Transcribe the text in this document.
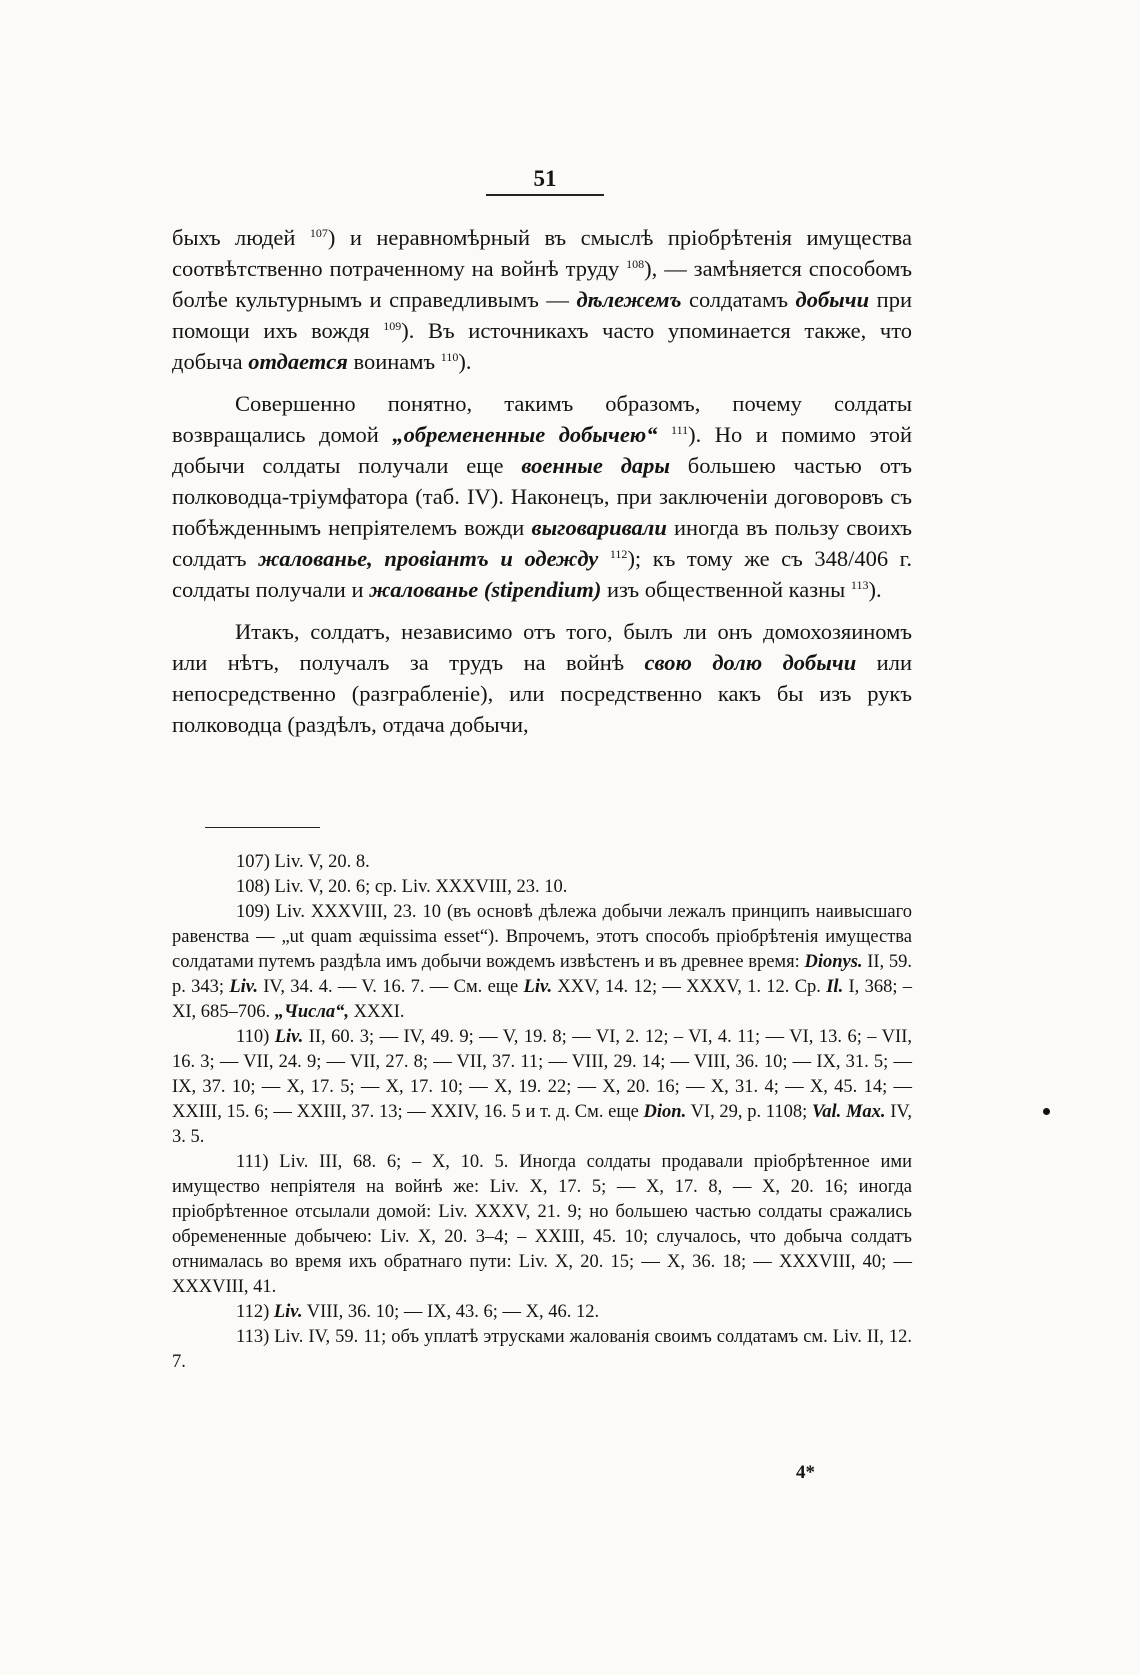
51

быхъ людей $^{107}$) и неравномѣрный въ смыслѣ пріобрѣтенія имущества соотвѣтственно потраченному на войнѣ труду $^{108}$), — замѣняется способомъ болѣе культурнымъ и справедливымъ — дѣлежемъ солдатамъ добычи при помощи ихъ вождя $^{109}$). Въ источникахъ часто упоминается также, что добыча отдается воинамъ $^{110}$).

Совершенно понятно, такимъ образомъ, почему солдаты возвращались домой „обремененные добычею“ $^{111}$). Но и помимо этой добычи солдаты получали еще военные дары большею частью отъ полководца-тріумфатора (таб. IV). Наконецъ, при заключеніи договоровъ съ побѣжденнымъ непріятелемъ вожди выговаривали иногда въ пользу своихъ солдатъ жалованье, провіантъ и одежду $^{112}$); къ тому же съ 348/406 г. солдаты получали и жалованье (stipendium) изъ общественной казны $^{113}$).

Итакъ, солдатъ, независимо отъ того, былъ ли онъ домохозяиномъ или нѣтъ, получалъ за трудъ на войнѣ свою долю добычи или непосредственно (разграбленіе), или посредственно какъ бы изъ рукъ полководца (раздѣлъ, отдача добычи,

107) Liv. V, 20. 8.

108) Liv. V, 20. 6; cp. Liv. XXXVIII, 23. 10.

109) Liv. XXXVIII, 23. 10 (въ основѣ дѣлежа добычи лежалъ принципъ наивысшаго равенства — „ut quam æquissima esset“). Впрочемъ, этотъ способъ пріобрѣтенія имущества солдатами путемъ раздѣла имъ добычи вождемъ извѣстенъ и въ древнее время: Dionys. II, 59. p. 343; Liv. IV, 34. 4. — V. 16. 7. — См. еще Liv. XXV, 14. 12; — XXXV, 1. 12. Ср. Il. I, 368; – XI, 685–706. „Числа“, XXXI.

110) Liv. II, 60. 3; — IV, 49. 9; — V, 19. 8; — VI, 2. 12; – VI, 4. 11; — VI, 13. 6; – VII, 16. 3; — VII, 24. 9; — VII, 27. 8; — VII, 37. 11; — VIII, 29. 14; — VIII, 36. 10; — IX, 31. 5; — IX, 37. 10; — X, 17. 5; — X, 17. 10; — X, 19. 22; — X, 20. 16; — X, 31. 4; — X, 45. 14; — XXIII, 15. 6; — XXIII, 37. 13; — XXIV, 16. 5 и т. д. См. еще Dion. VI, 29, p. 1108; Val. Max. IV, 3. 5.

111) Liv. III, 68. 6; – X, 10. 5. Иногда солдаты продавали пріобрѣтенное ими имущество непріятеля на войнѣ же: Liv. X, 17. 5; — X, 17. 8, — X, 20. 16; иногда пріобрѣтенное отсылали домой: Liv. XXXV, 21. 9; но большею частью солдаты сражались обремененные добычею: Liv. X, 20. 3–4; – XXIII, 45. 10; случалось, что добыча солдатъ отнималась во время ихъ обратнаго пути: Liv. X, 20. 15; — X, 36. 18; — XXXVIII, 40; — XXXVIII, 41.

112) Liv. VIII, 36. 10; — IX, 43. 6; — X, 46. 12.

113) Liv. IV, 59. 11; объ уплатѣ этрусками жалованія своимъ солдатамъ см. Liv. II, 12. 7.

4*
